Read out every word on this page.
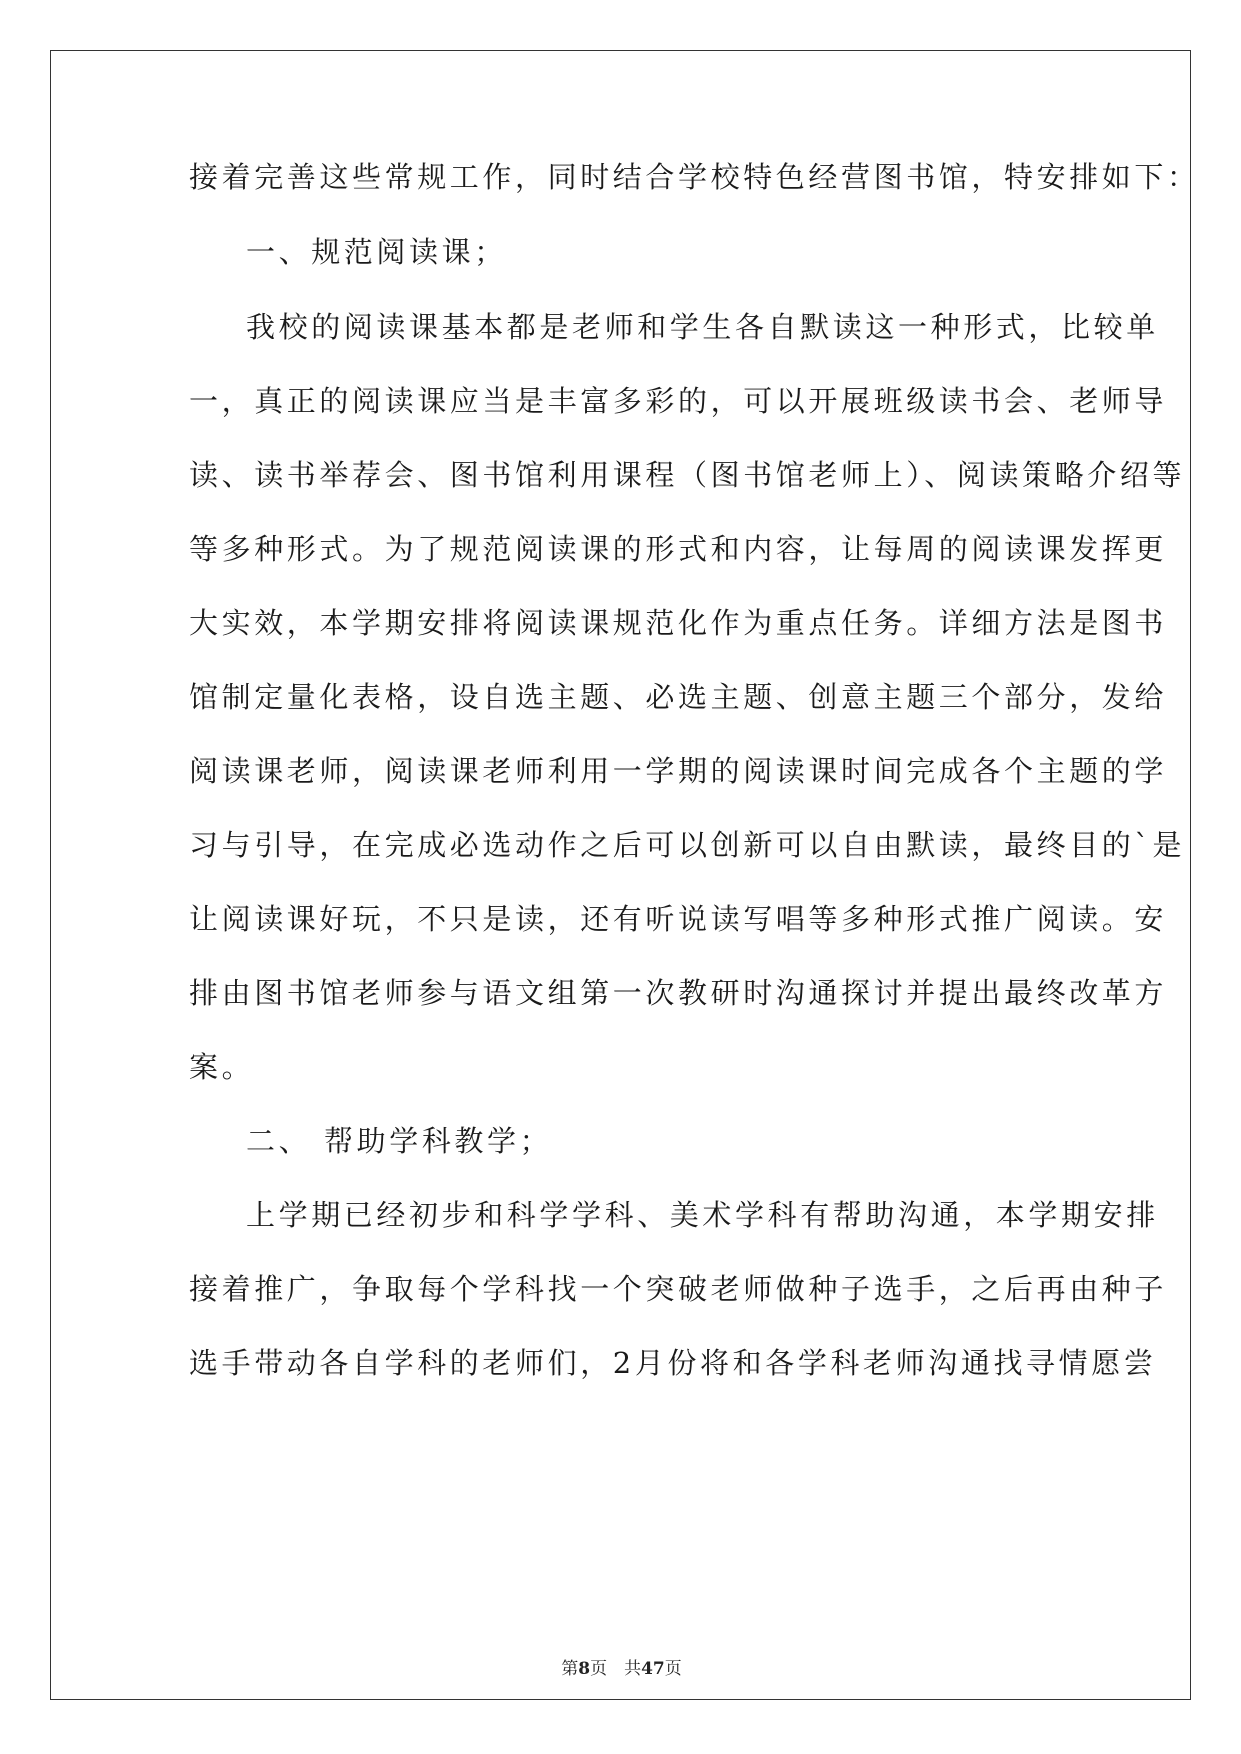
接着完善这些常规工作，同时结合学校特色经营图书馆，特安排如下：
一、规范阅读课；
我校的阅读课基本都是老师和学生各自默读这一种形式，比较单
一，真正的阅读课应当是丰富多彩的，可以开展班级读书会、老师导
读、读书举荐会、图书馆利用课程（图书馆老师上）、阅读策略介绍等
等多种形式。为了规范阅读课的形式和内容，让每周的阅读课发挥更
大实效，本学期安排将阅读课规范化作为重点任务。详细方法是图书
馆制定量化表格，设自选主题、必选主题、创意主题三个部分，发给
阅读课老师，阅读课老师利用一学期的阅读课时间完成各个主题的学
习与引导，在完成必选动作之后可以创新可以自由默读，最终目的`是
让阅读课好玩，不只是读，还有听说读写唱等多种形式推广阅读。安
排由图书馆老师参与语文组第一次教研时沟通探讨并提出最终改革方
案。
二、 帮助学科教学；
上学期已经初步和科学学科、美术学科有帮助沟通，本学期安排
接着推广，争取每个学科找一个突破老师做种子选手，之后再由种子
选手带动各自学科的老师们，2月份将和各学科老师沟通找寻情愿尝
第8页　共47页
